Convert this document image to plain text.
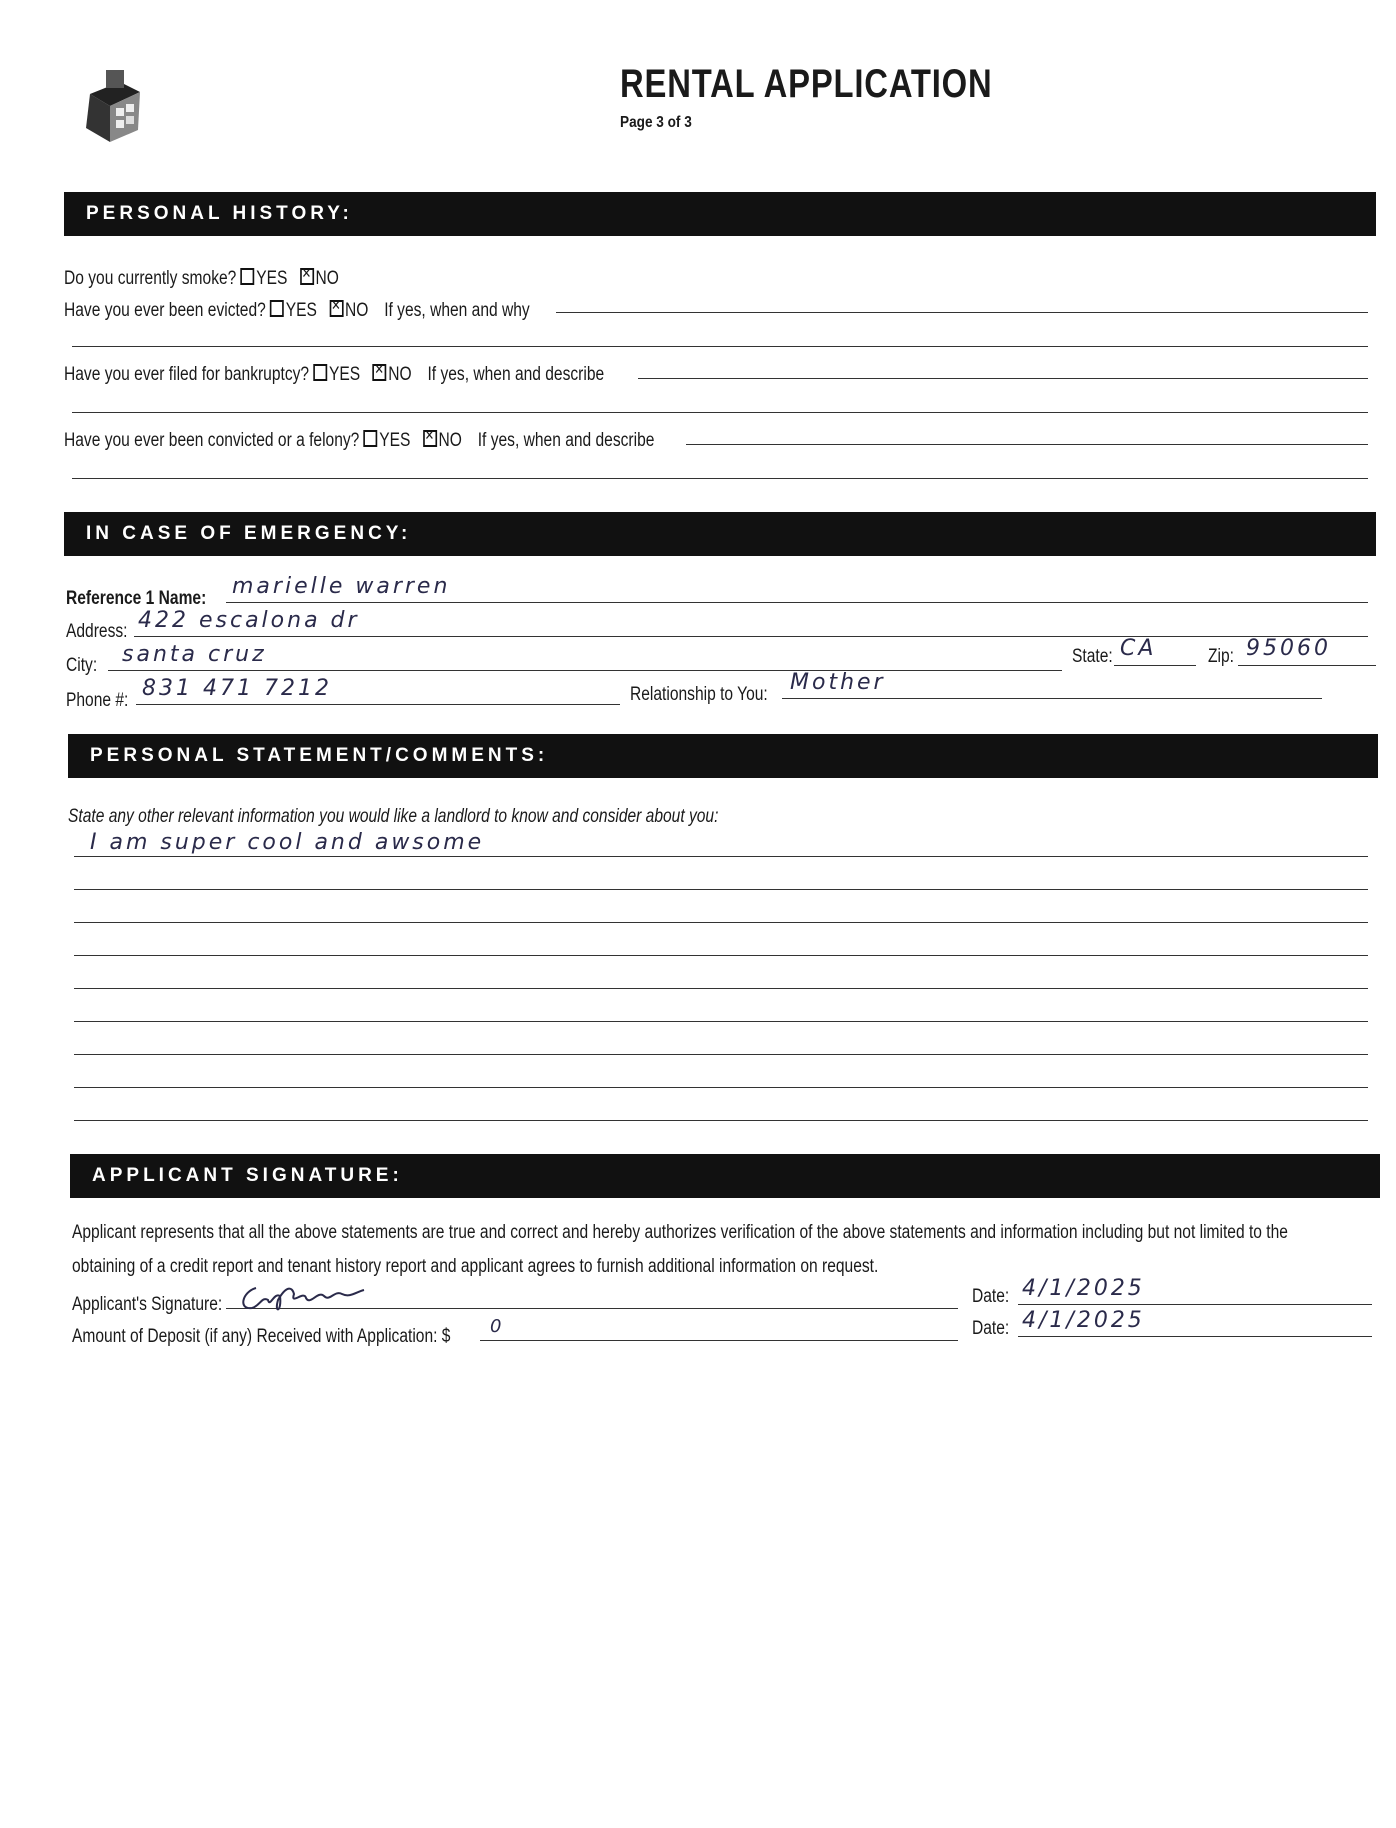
RENTAL APPLICATION
Page 3 of 3
PERSONAL HISTORY:
Do you currently smoke? YES ✕ NO
Have you ever been evicted? YES ✕ NO If yes, when and why
Have you ever filed for bankruptcy? YES ✕ NO If yes, when and describe
Have you ever been convicted or a felony? YES ✕ NO If yes, when and describe
IN CASE OF EMERGENCY:
Reference 1 Name: marielle warren
Address: 422 escalona dr
City: santa cruz	State: CA	Zip: 95060
Phone #: 831 471 7212	Relationship to You: Mother
PERSONAL STATEMENT/COMMENTS:
State any other relevant information you would like a landlord to know and consider about you:
I am super cool and awsome
APPLICANT SIGNATURE:
Applicant represents that all the above statements are true and correct and hereby authorizes verification of the above statements and information including but not limited to the
obtaining of a credit report and tenant history report and applicant agrees to furnish additional information on request.
Applicant's Signature:	Date: 4/1/2025
Amount of Deposit (if any) Received with Application: $ 0	Date: 4/1/2025
